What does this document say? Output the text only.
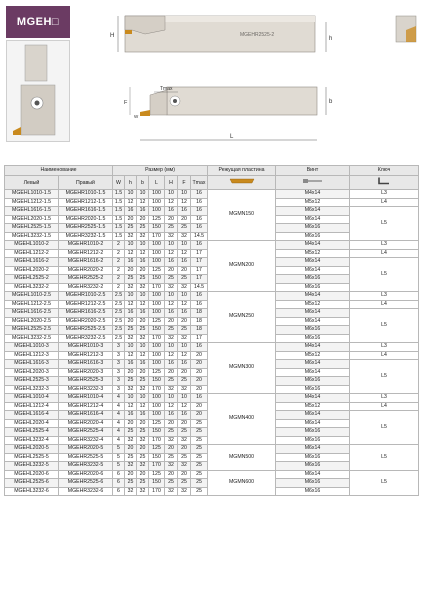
MGEH□
MGEHR2525-2
H	h
Tmax
F
W
b
L
Наименование		Размер (мм)							Режущая пластина	Винт	Ключ
Левый	Правый	W	h	b	L	H	F	Tmax			
MGEHL1010-1.5	MGEHR1010-1.5	1.5	10	10	100	10	10	16	MGMN150	M4x14	L3
MGEHL1212-1.5	MGEHR1212-1.5	1.5	12	12	100	12	12	16		M5x12	L4
MGEHL1616-1.5	MGEHR1616-1.5	1.5	16	16	100	16	16	16		M6x14	L5
MGEHL2020-1.5	MGEHR2020-1.5	1.5	20	20	125	20	20	16		M6x14	
MGEHL2525-1.5	MGEHR2525-1.5	1.5	25	25	150	25	25	16		M6x16	
MGEHL3232-1.5	MGEHR3232-1.5	1.5	32	32	170	32	32	14.5		M6x16	
MGEHL1010-2	MGEHR1010-2	2	10	10	100	10	10	16	MGMN200	M4x14	L3
MGEHL1212-2	MGEHR1212-2	2	12	12	100	12	12	17		M5x12	L4
MGEHL1616-2	MGEHR1616-2	2	16	16	100	16	16	17		M6x14	L5
MGEHL2020-2	MGEHR2020-2	2	20	20	125	20	20	17		M6x14	
MGEHL2525-2	MGEHR2525-2	2	25	25	150	25	25	17		M6x16	
MGEHL3232-2	MGEHR3232-2	2	32	32	170	32	32	14.5		M6x16	
MGEHL1010-2.5	MGEHR1010-2.5	2.5	10	10	100	10	10	16	MGMN250	M4x14	L3
MGEHL1212-2.5	MGEHR1212-2.5	2.5	12	12	100	12	12	16		M5x12	L4
MGEHL1616-2.5	MGEHR1616-2.5	2.5	16	16	100	16	16	18		M6x14	L5
MGEHL2020-2.5	MGEHR2020-2.5	2.5	20	20	125	20	20	18		M6x14	
MGEHL2525-2.5	MGEHR2525-2.5	2.5	25	25	150	25	25	18		M6x16	
MGEHL3232-2.5	MGEHR3232-2.5	2.5	32	32	170	32	32	17		M6x16	
MGEHL1010-3	MGEHR1010-3	3	10	10	100	10	10	16	MGMN300	M4x14	L3
MGEHL1212-3	MGEHR1212-3	3	12	12	100	12	12	20		M5x12	L4
MGEHL1616-3	MGEHR1616-3	3	16	16	100	16	16	20		M6x14	L5
MGEHL2020-3	MGEHR2020-3	3	20	20	125	20	20	20		M6x14	
MGEHL2525-3	MGEHR2525-3	3	25	25	150	25	25	20		M6x16	
MGEHL3232-3	MGEHR3232-3	3	32	32	170	32	32	20		M6x16	
MGEHL1010-4	MGEHR1010-4	4	10	10	100	10	10	16	MGMN400	M4x14	L3
MGEHL1212-4	MGEHR1212-4	4	12	12	100	12	12	20		M5x12	L4
MGEHL1616-4	MGEHR1616-4	4	16	16	100	16	16	20		M6x14	L5
MGEHL2020-4	MGEHR2020-4	4	20	20	125	20	20	25		M6x14	
MGEHL2525-4	MGEHR2525-4	4	25	25	150	25	25	25		M6x16	
MGEHL3232-4	MGEHR3232-4	4	32	32	170	32	32	25		M6x16	
MGEHL2020-5	MGEHR2020-5	5	20	20	125	20	20	25	MGMN500	M6x14	L5
MGEHL2525-5	MGEHR2525-5	5	25	25	150	25	25	25		M6x16	
MGEHL3232-5	MGEHR3232-5	5	32	32	170	32	32	25		M6x16	
MGEHL2020-6	MGEHR2020-6	6	20	20	125	20	20	25	MGMN600	M6x14	L5
MGEHL2525-6	MGEHR2525-6	6	25	25	150	25	25	25		M6x16	
MGEHL3232-6	MGEHR3232-6	6	32	32	170	32	32	25		M6x16	
